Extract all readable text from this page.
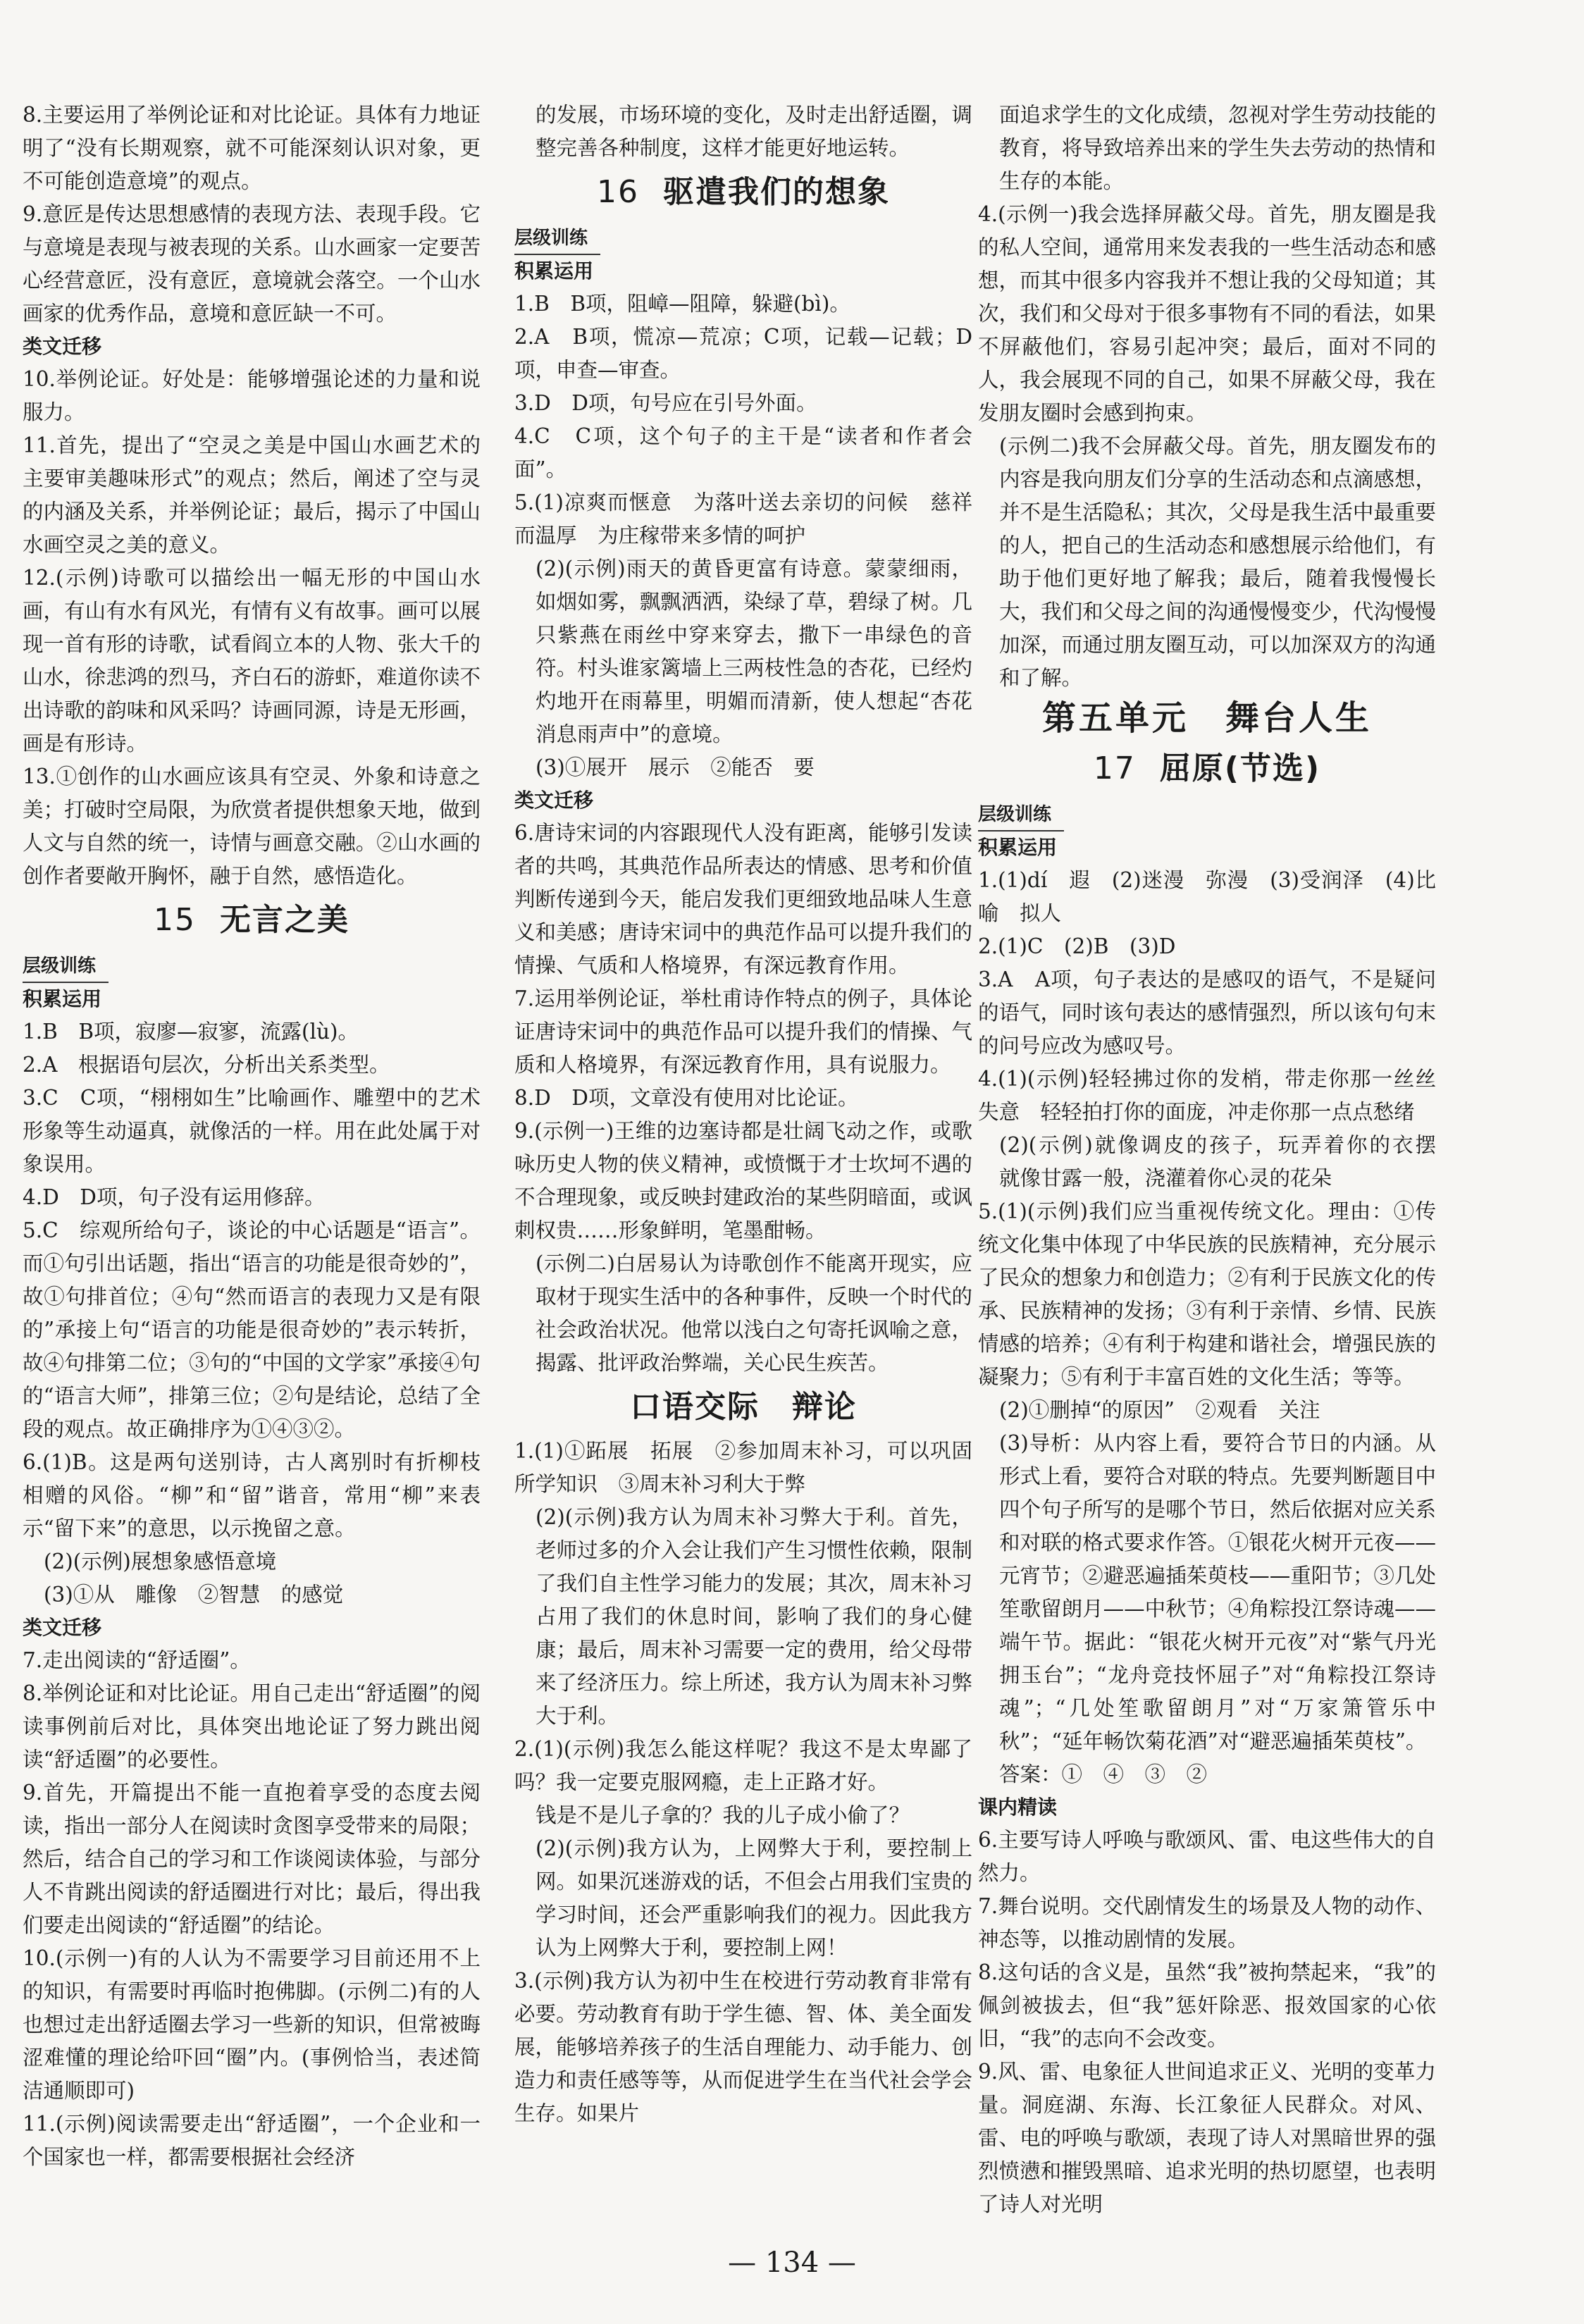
8.主要运用了举例论证和对比论证。具体有力地证明了“没有长期观察，就不可能深刻认识对象，更不可能创造意境”的观点。
9.意匠是传达思想感情的表现方法、表现手段。它与意境是表现与被表现的关系。山水画家一定要苦心经营意匠，没有意匠，意境就会落空。一个山水画家的优秀作品，意境和意匠缺一不可。
类文迁移
10.举例论证。好处是：能够增强论述的力量和说服力。
11.首先，提出了“空灵之美是中国山水画艺术的主要审美趣味形式”的观点；然后，阐述了空与灵的内涵及关系，并举例论证；最后，揭示了中国山水画空灵之美的意义。
12.(示例)诗歌可以描绘出一幅无形的中国山水画，有山有水有风光，有情有义有故事。画可以展现一首有形的诗歌，试看阎立本的人物、张大千的山水，徐悲鸿的烈马，齐白石的游虾，难道你读不出诗歌的韵味和风采吗？诗画同源，诗是无形画，画是有形诗。
13.①创作的山水画应该具有空灵、外象和诗意之美；打破时空局限，为欣赏者提供想象天地，做到人文与自然的统一，诗情与画意交融。②山水画的创作者要敞开胸怀，融于自然，感悟造化。
15 无言之美
层级训练
积累运用
1.B　B项，寂廖—寂寥，流露(lù)。
2.A　根据语句层次，分析出关系类型。
3.C　C项，“栩栩如生”比喻画作、雕塑中的艺术形象等生动逼真，就像活的一样。用在此处属于对象误用。
4.D　D项，句子没有运用修辞。
5.C　综观所给句子，谈论的中心话题是“语言”。而①句引出话题，指出“语言的功能是很奇妙的”，故①句排首位；④句“然而语言的表现力又是有限的”承接上句“语言的功能是很奇妙的”表示转折，故④句排第二位；③句的“中国的文学家”承接④句的“语言大师”，排第三位；②句是结论，总结了全段的观点。故正确排序为①④③②。
6.(1)B。这是两句送别诗，古人离别时有折柳枝相赠的风俗。“柳”和“留”谐音，常用“柳”来表示“留下来”的意思，以示挽留之意。
(2)(示例)展想象感悟意境
(3)①从　雕像　②智慧　的感觉
类文迁移
7.走出阅读的“舒适圈”。
8.举例论证和对比论证。用自己走出“舒适圈”的阅读事例前后对比，具体突出地论证了努力跳出阅读“舒适圈”的必要性。
9.首先，开篇提出不能一直抱着享受的态度去阅读，指出一部分人在阅读时贪图享受带来的局限；然后，结合自己的学习和工作谈阅读体验，与部分人不肯跳出阅读的舒适圈进行对比；最后，得出我们要走出阅读的“舒适圈”的结论。
10.(示例一)有的人认为不需要学习目前还用不上的知识，有需要时再临时抱佛脚。(示例二)有的人也想过走出舒适圈去学习一些新的知识，但常被晦涩难懂的理论给吓回“圈”内。(事例恰当，表述简洁通顺即可)
11.(示例)阅读需要走出“舒适圈”，一个企业和一个国家也一样，都需要根据社会经济
的发展，市场环境的变化，及时走出舒适圈，调整完善各种制度，这样才能更好地运转。
16 驱遣我们的想象
层级训练
积累运用
1.B　B项，阻嶂—阻障，躲避(bì)。
2.A　B项，慌凉—荒凉；C项，记载—记载；D项，申查—审查。
3.D　D项，句号应在引号外面。
4.C　C项，这个句子的主干是“读者和作者会面”。
5.(1)凉爽而惬意　为落叶送去亲切的问候　慈祥而温厚　为庄稼带来多情的呵护
(2)(示例)雨天的黄昏更富有诗意。蒙蒙细雨，如烟如雾，飘飘洒洒，染绿了草，碧绿了树。几只紫燕在雨丝中穿来穿去，撒下一串绿色的音符。村头谁家篱墙上三两枝性急的杏花，已经灼灼地开在雨幕里，明媚而清新，使人想起“杏花消息雨声中”的意境。
(3)①展开　展示　②能否　要
类文迁移
6.唐诗宋词的内容跟现代人没有距离，能够引发读者的共鸣，其典范作品所表达的情感、思考和价值判断传递到今天，能启发我们更细致地品味人生意义和美感；唐诗宋词中的典范作品可以提升我们的情操、气质和人格境界，有深远教育作用。
7.运用举例论证，举杜甫诗作特点的例子，具体论证唐诗宋词中的典范作品可以提升我们的情操、气质和人格境界，有深远教育作用，具有说服力。
8.D　D项，文章没有使用对比论证。
9.(示例一)王维的边塞诗都是壮阔飞动之作，或歌咏历史人物的侠义精神，或愤慨于才士坎坷不遇的不合理现象，或反映封建政治的某些阴暗面，或讽刺权贵……形象鲜明，笔墨酣畅。
(示例二)白居易认为诗歌创作不能离开现实，应取材于现实生活中的各种事件，反映一个时代的社会政治状况。他常以浅白之句寄托讽喻之意，揭露、批评政治弊端，关心民生疾苦。
口语交际　辩论
1.(1)①跖展　拓展　②参加周末补习，可以巩固所学知识　③周末补习利大于弊
(2)(示例)我方认为周末补习弊大于利。首先，老师过多的介入会让我们产生习惯性依赖，限制了我们自主性学习能力的发展；其次，周末补习占用了我们的休息时间，影响了我们的身心健康；最后，周末补习需要一定的费用，给父母带来了经济压力。综上所述，我方认为周末补习弊大于利。
2.(1)(示例)我怎么能这样呢？我这不是太卑鄙了吗？我一定要克服网瘾，走上正路才好。
钱是不是儿子拿的？我的儿子成小偷了？
(2)(示例)我方认为，上网弊大于利，要控制上网。如果沉迷游戏的话，不但会占用我们宝贵的学习时间，还会严重影响我们的视力。因此我方认为上网弊大于利，要控制上网！
3.(示例)我方认为初中生在校进行劳动教育非常有必要。劳动教育有助于学生德、智、体、美全面发展，能够培养孩子的生活自理能力、动手能力、创造力和责任感等等，从而促进学生在当代社会学会生存。如果片
面追求学生的文化成绩，忽视对学生劳动技能的教育，将导致培养出来的学生失去劳动的热情和生存的本能。
4.(示例一)我会选择屏蔽父母。首先，朋友圈是我的私人空间，通常用来发表我的一些生活动态和感想，而其中很多内容我并不想让我的父母知道；其次，我们和父母对于很多事物有不同的看法，如果不屏蔽他们，容易引起冲突；最后，面对不同的人，我会展现不同的自己，如果不屏蔽父母，我在发朋友圈时会感到拘束。
(示例二)我不会屏蔽父母。首先，朋友圈发布的内容是我向朋友们分享的生活动态和点滴感想，并不是生活隐私；其次，父母是我生活中最重要的人，把自己的生活动态和感想展示给他们，有助于他们更好地了解我；最后，随着我慢慢长大，我们和父母之间的沟通慢慢变少，代沟慢慢加深，而通过朋友圈互动，可以加深双方的沟通和了解。
第五单元　舞台人生
17 屈原(节选)
层级训练
积累运用
1.(1)dí　遐　(2)迷漫　弥漫　(3)受润泽　(4)比喻　拟人
2.(1)C　(2)B　(3)D
3.A　A项，句子表达的是感叹的语气，不是疑问的语气，同时该句表达的感情强烈，所以该句句末的问号应改为感叹号。
4.(1)(示例)轻轻拂过你的发梢，带走你那一丝丝失意　轻轻拍打你的面庞，冲走你那一点点愁绪
(2)(示例)就像调皮的孩子，玩弄着你的衣摆　就像甘露一般，浇灌着你心灵的花朵
5.(1)(示例)我们应当重视传统文化。理由：①传统文化集中体现了中华民族的民族精神，充分展示了民众的想象力和创造力；②有利于民族文化的传承、民族精神的发扬；③有利于亲情、乡情、民族情感的培养；④有利于构建和谐社会，增强民族的凝聚力；⑤有利于丰富百姓的文化生活；等等。
(2)①删掉“的原因”　②观看　关注
(3)导析：从内容上看，要符合节日的内涵。从形式上看，要符合对联的特点。先要判断题目中四个句子所写的是哪个节日，然后依据对应关系和对联的格式要求作答。①银花火树开元夜——元宵节；②避恶遍插茱萸枝——重阳节；③几处笙歌留朗月——中秋节；④角粽投江祭诗魂——端午节。据此：“银花火树开元夜”对“紫气丹光拥玉台”；“龙舟竞技怀屈子”对“角粽投江祭诗魂”；“几处笙歌留朗月”对“万家箫管乐中秋”；“延年畅饮菊花酒”对“避恶遍插茱萸枝”。
答案：①　④　③　②
课内精读
6.主要写诗人呼唤与歌颂风、雷、电这些伟大的自然力。
7.舞台说明。交代剧情发生的场景及人物的动作、神态等，以推动剧情的发展。
8.这句话的含义是，虽然“我”被拘禁起来，“我”的佩剑被拔去，但“我”惩奸除恶、报效国家的心依旧，“我”的志向不会改变。
9.风、雷、电象征人世间追求正义、光明的变革力量。洞庭湖、东海、长江象征人民群众。对风、雷、电的呼唤与歌颂，表现了诗人对黑暗世界的强烈愤懑和摧毁黑暗、追求光明的热切愿望，也表明了诗人对光明
— 134 —
